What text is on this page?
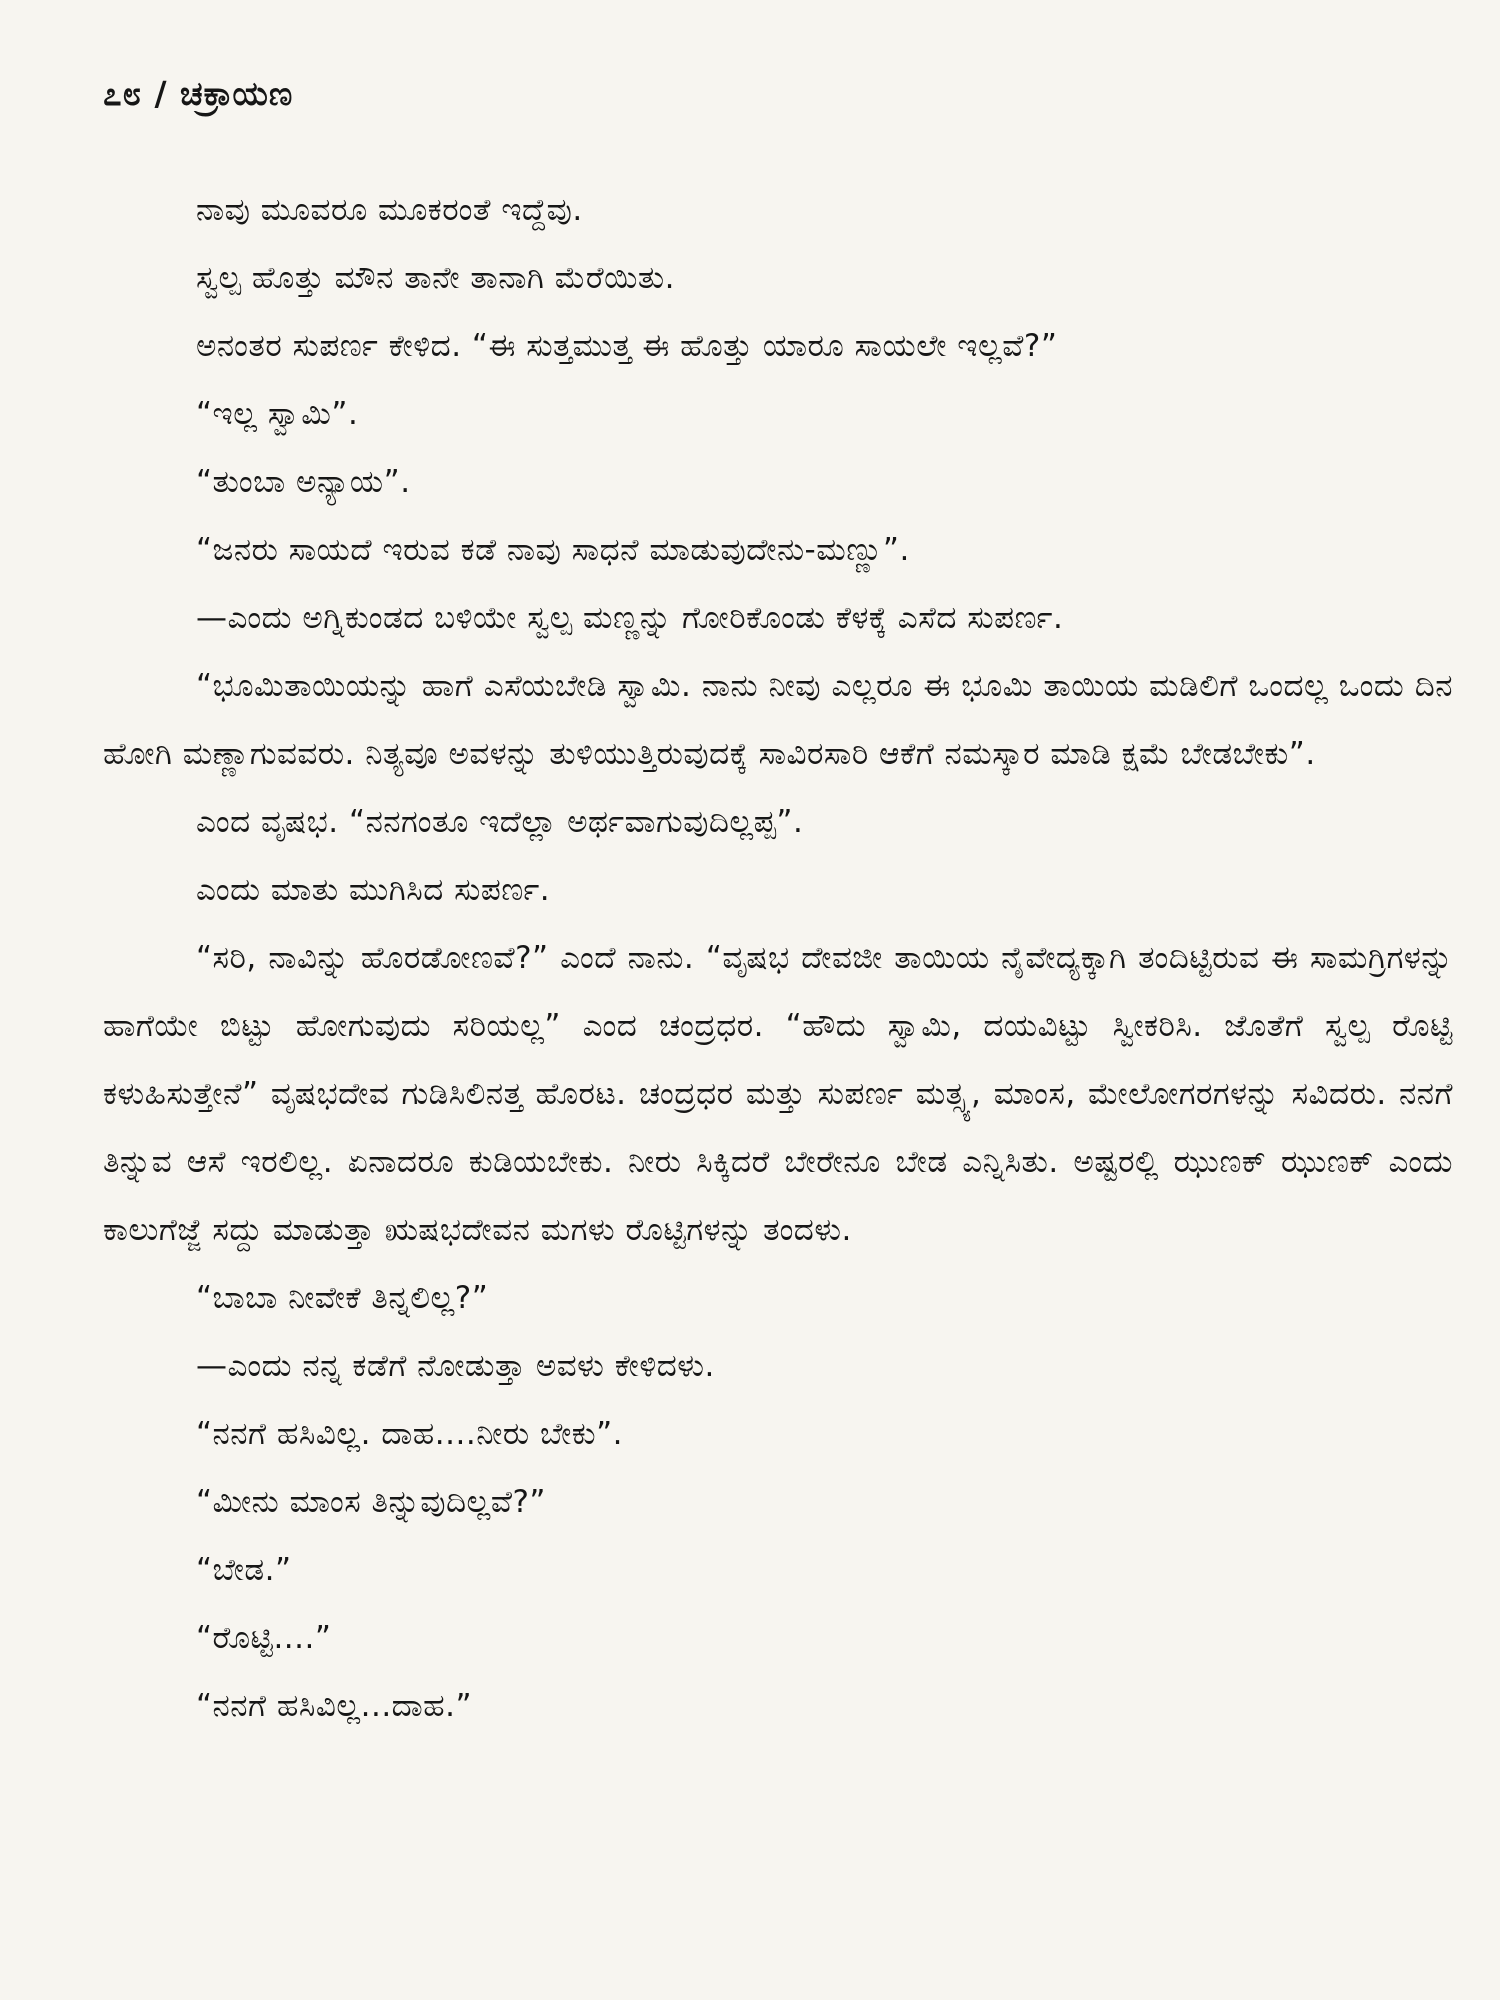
೭೮ / ಚಕ್ರಾಯಣ

ನಾವು ಮೂವರೂ ಮೂಕರಂತೆ ಇದ್ದೆವು.

ಸ್ವಲ್ಪ ಹೊತ್ತು ಮೌನ ತಾನೇ ತಾನಾಗಿ ಮೆರೆಯಿತು.

ಅನಂತರ ಸುಪರ್ಣ ಕೇಳಿದ. “ಈ ಸುತ್ತಮುತ್ತ ಈ ಹೊತ್ತು ಯಾರೂ ಸಾಯಲೇ ಇಲ್ಲವೆ?”

“ಇಲ್ಲ ಸ್ವಾಮಿ”.

“ತುಂಬಾ ಅನ್ಯಾಯ”.

“ಜನರು ಸಾಯದೆ ಇರುವ ಕಡೆ ನಾವು ಸಾಧನೆ ಮಾಡುವುದೇನು-ಮಣ್ಣು”.

—ಎಂದು ಅಗ್ನಿಕುಂಡದ ಬಳಿಯೇ ಸ್ವಲ್ಪ ಮಣ್ಣನ್ನು ಗೋರಿಕೊಂಡು ಕೆಳಕ್ಕೆ ಎಸೆದ ಸುಪರ್ಣ.

“ಭೂಮಿತಾಯಿಯನ್ನು ಹಾಗೆ ಎಸೆಯಬೇಡಿ ಸ್ವಾಮಿ. ನಾನು ನೀವು ಎಲ್ಲರೂ ಈ ಭೂಮಿ ತಾಯಿಯ ಮಡಿಲಿಗೆ ಒಂದಲ್ಲ ಒಂದು ದಿನ ಹೋಗಿ ಮಣ್ಣಾಗುವವರು. ನಿತ್ಯವೂ ಅವಳನ್ನು ತುಳಿಯುತ್ತಿರುವುದಕ್ಕೆ ಸಾವಿರಸಾರಿ ಆಕೆಗೆ ನಮಸ್ಕಾರ ಮಾಡಿ ಕ್ಷಮೆ ಬೇಡಬೇಕು”.

ಎಂದ ವೃಷಭ. “ನನಗಂತೂ ಇದೆಲ್ಲಾ ಅರ್ಥವಾಗುವುದಿಲ್ಲಪ್ಪ”.

ಎಂದು ಮಾತು ಮುಗಿಸಿದ ಸುಪರ್ಣ.

“ಸರಿ, ನಾವಿನ್ನು ಹೊರಡೋಣವೆ?” ಎಂದೆ ನಾನು. “ವೃಷಭ ದೇವಜೀ ತಾಯಿಯ ನೈವೇದ್ಯಕ್ಕಾಗಿ ತಂದಿಟ್ಟಿರುವ ಈ ಸಾಮಗ್ರಿಗಳನ್ನು ಹಾಗೆಯೇ ಬಿಟ್ಟು ಹೋಗುವುದು ಸರಿಯಲ್ಲ” ಎಂದ ಚಂದ್ರಧರ. “ಹೌದು ಸ್ವಾಮಿ, ದಯವಿಟ್ಟು ಸ್ವೀಕರಿಸಿ. ಜೊತೆಗೆ ಸ್ವಲ್ಪ ರೊಟ್ಟಿ ಕಳುಹಿಸುತ್ತೇನೆ” ವೃಷಭದೇವ ಗುಡಿಸಿಲಿನತ್ತ ಹೊರಟ. ಚಂದ್ರಧರ ಮತ್ತು ಸುಪರ್ಣ ಮತ್ಸ್ಯ, ಮಾಂಸ, ಮೇಲೋಗರಗಳನ್ನು ಸವಿದರು. ನನಗೆ ತಿನ್ನುವ ಆಸೆ ಇರಲಿಲ್ಲ. ಏನಾದರೂ ಕುಡಿಯಬೇಕು. ನೀರು ಸಿಕ್ಕಿದರೆ ಬೇರೇನೂ ಬೇಡ ಎನ್ನಿಸಿತು. ಅಷ್ಟರಲ್ಲಿ ಝುಣಕ್ ಝುಣಕ್ ಎಂದು ಕಾಲುಗೆಜ್ಜೆ ಸದ್ದು ಮಾಡುತ್ತಾ ಋಷಭದೇವನ ಮಗಳು ರೊಟ್ಟಿಗಳನ್ನು ತಂದಳು.

“ಬಾಬಾ ನೀವೇಕೆ ತಿನ್ನಲಿಲ್ಲ?”

—ಎಂದು ನನ್ನ ಕಡೆಗೆ ನೋಡುತ್ತಾ ಅವಳು ಕೇಳಿದಳು.

“ನನಗೆ ಹಸಿವಿಲ್ಲ. ದಾಹ....ನೀರು ಬೇಕು”.

“ಮೀನು ಮಾಂಸ ತಿನ್ನುವುದಿಲ್ಲವೆ?”

“ಬೇಡ.”

“ರೊಟ್ಟಿ....”

“ನನಗೆ ಹಸಿವಿಲ್ಲ...ದಾಹ.”
